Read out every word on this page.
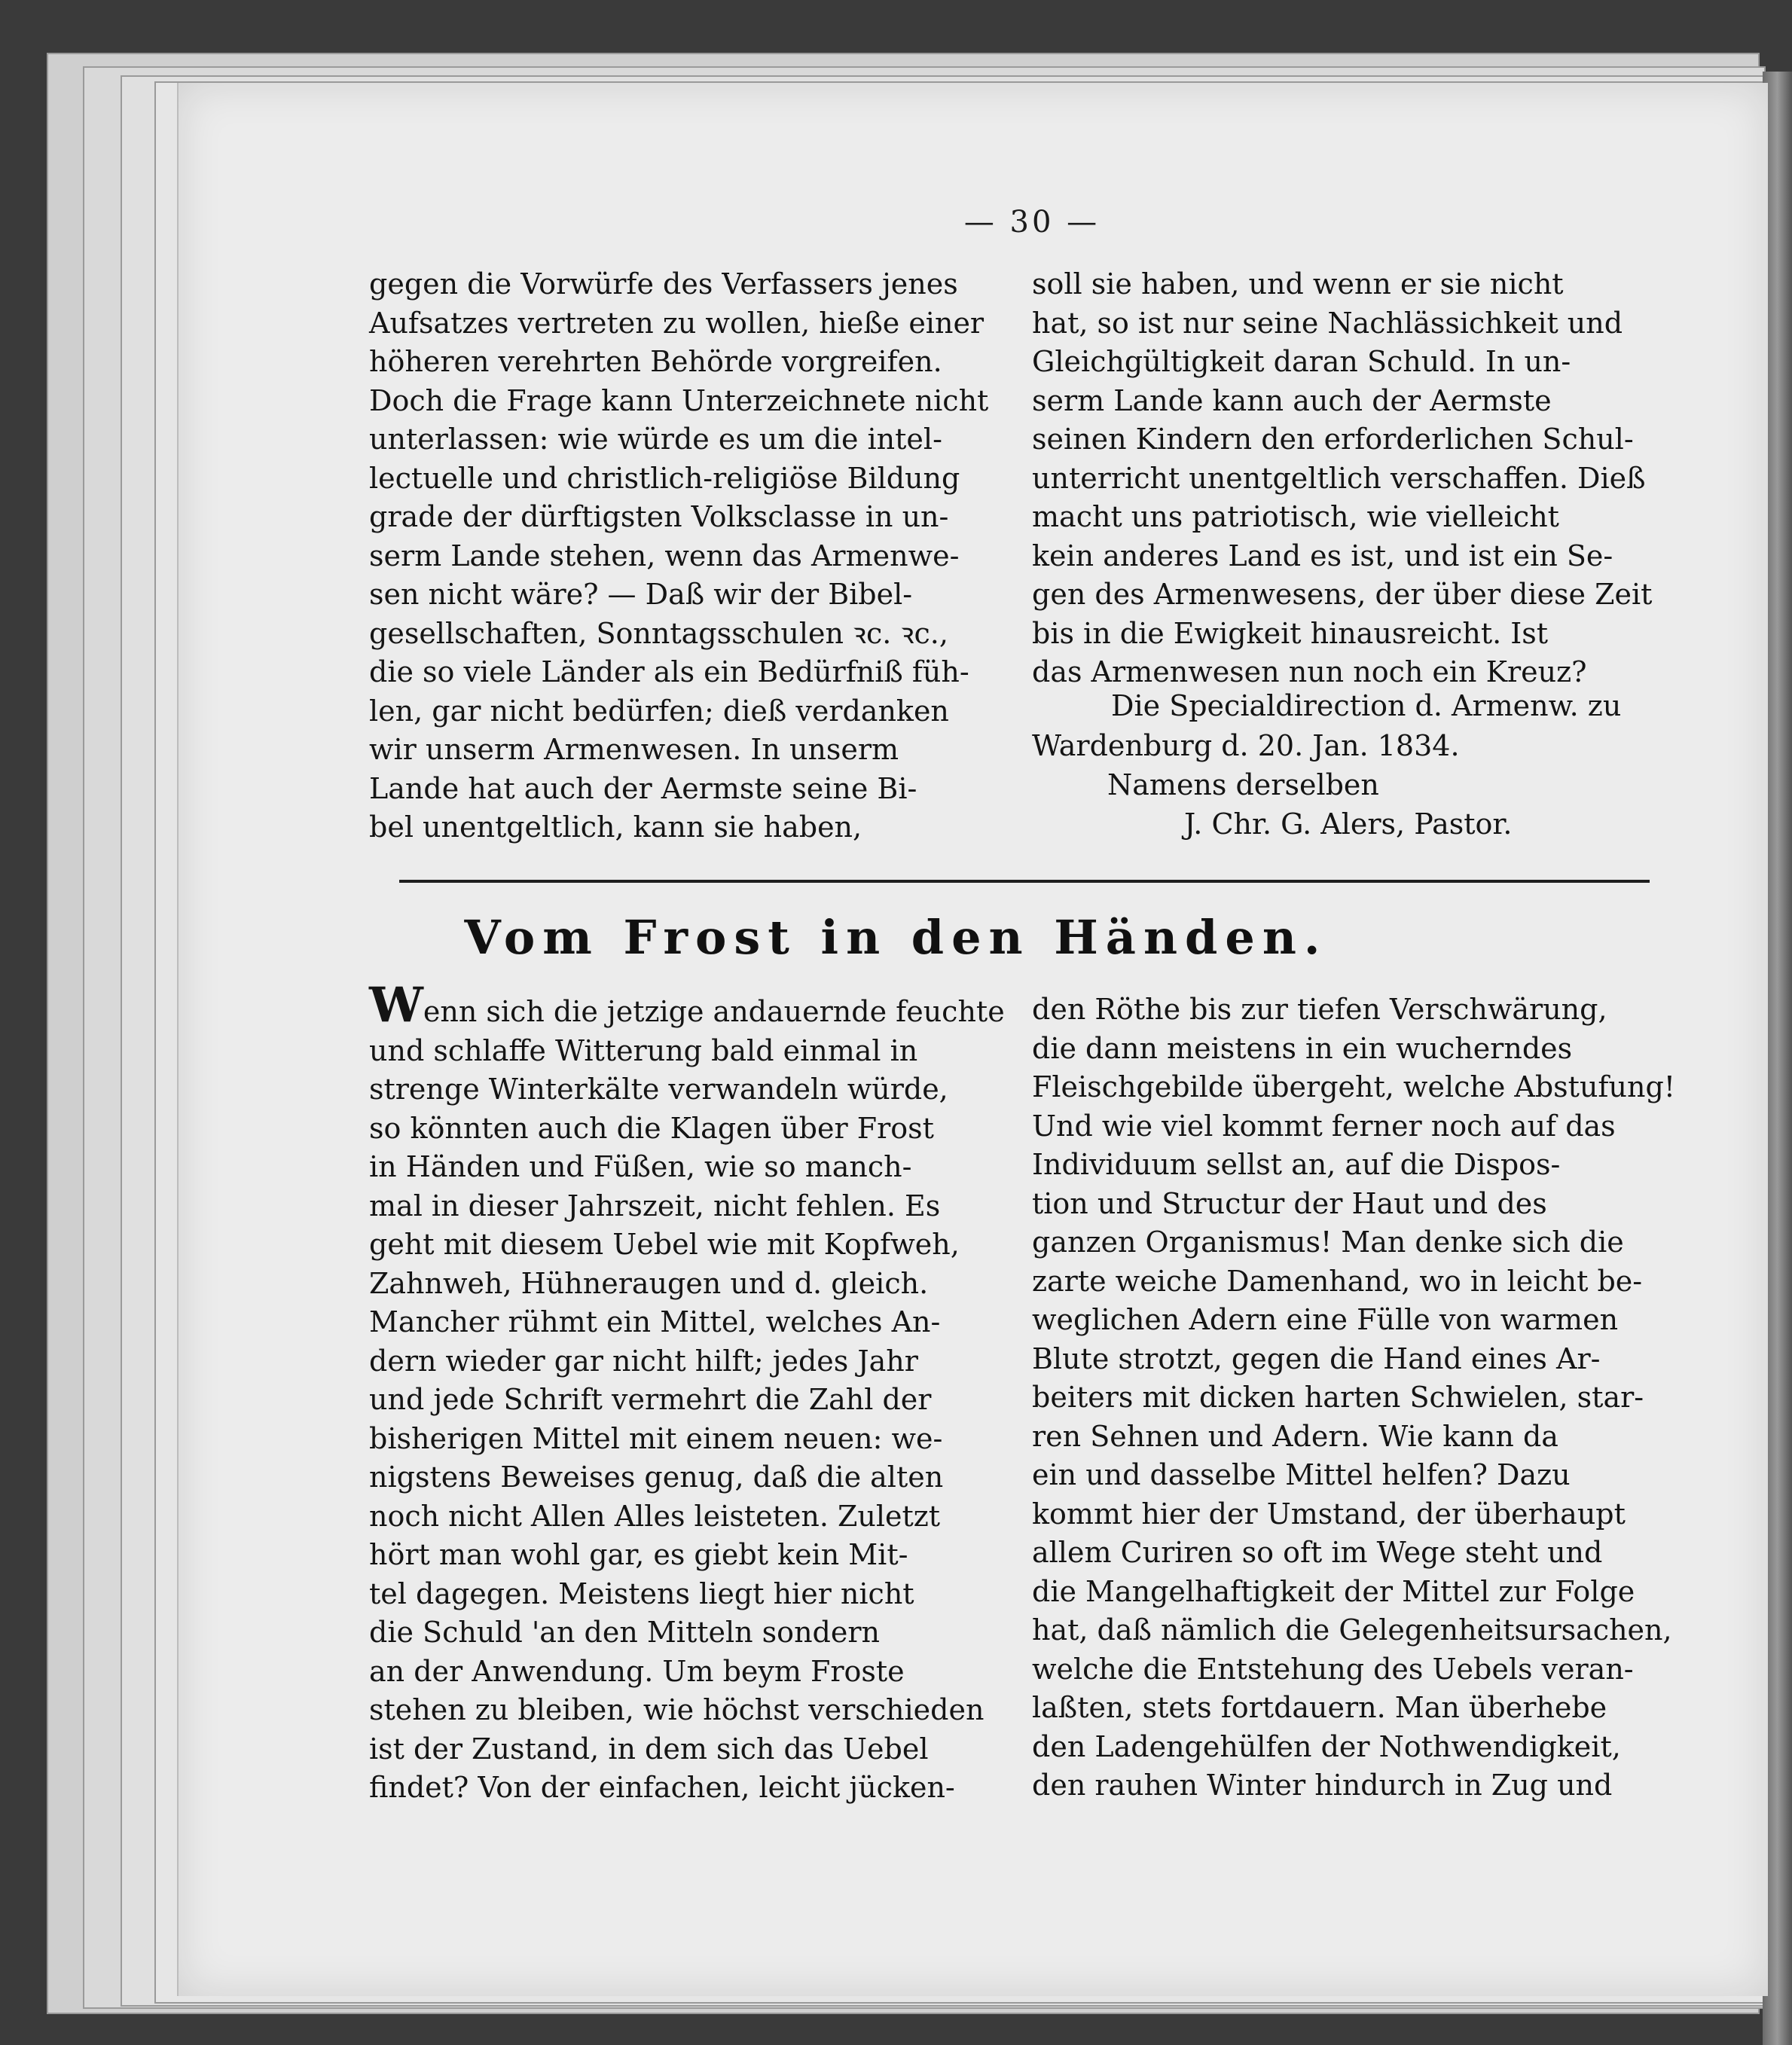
— 30 —
gegen die Vorwürfe des Verfassers jenes
Aufsatzes vertreten zu wollen, hieße einer
höheren verehrten Behörde vorgreifen.
Doch die Frage kann Unterzeichnete nicht
unterlassen: wie würde es um die intel-
lectuelle und christlich-religiöse Bildung
grade der dürftigsten Volksclasse in un-
serm Lande stehen, wenn das Armenwe-
sen nicht wäre? — Daß wir der Bibel-
gesellschaften, Sonntagsschulen ꝛc. ꝛc.,
die so viele Länder als ein Bedürfniß füh-
len, gar nicht bedürfen; dieß verdanken
wir unserm Armenwesen. In unserm
Lande hat auch der Aermste seine Bi-
bel unentgeltlich, kann sie haben,
soll sie haben, und wenn er sie nicht
hat, so ist nur seine Nachlässichkeit und
Gleichgültigkeit daran Schuld. In un-
serm Lande kann auch der Aermste
seinen Kindern den erforderlichen Schul-
unterricht unentgeltlich verschaffen. Dieß
macht uns patriotisch, wie vielleicht
kein anderes Land es ist, und ist ein Se-
gen des Armenwesens, der über diese Zeit
bis in die Ewigkeit hinausreicht. Ist
das Armenwesen nun noch ein Kreuz?
Die Specialdirection d. Armenw. zu
Wardenburg d. 20. Jan. 1834.
Namens derselben
J. Chr. G. Alers, Pastor.
Vom Frost in den Händen.
Wenn sich die jetzige andauernde feuchte
und schlaffe Witterung bald einmal in
strenge Winterkälte verwandeln würde,
so könnten auch die Klagen über Frost
in Händen und Füßen, wie so manch-
mal in dieser Jahrszeit, nicht fehlen. Es
geht mit diesem Uebel wie mit Kopfweh,
Zahnweh, Hühneraugen und d. gleich.
Mancher rühmt ein Mittel, welches An-
dern wieder gar nicht hilft; jedes Jahr
und jede Schrift vermehrt die Zahl der
bisherigen Mittel mit einem neuen: we-
nigstens Beweises genug, daß die alten
noch nicht Allen Alles leisteten. Zuletzt
hört man wohl gar, es giebt kein Mit-
tel dagegen. Meistens liegt hier nicht
die Schuld 'an den Mitteln sondern
an der Anwendung. Um beym Froste
stehen zu bleiben, wie höchst verschieden
ist der Zustand, in dem sich das Uebel
findet? Von der einfachen, leicht jücken-
den Röthe bis zur tiefen Verschwärung,
die dann meistens in ein wucherndes
Fleischgebilde übergeht, welche Abstufung!
Und wie viel kommt ferner noch auf das
Individuum sellst an, auf die Dispos-
tion und Structur der Haut und des
ganzen Organismus! Man denke sich die
zarte weiche Damenhand, wo in leicht be-
weglichen Adern eine Fülle von warmen
Blute strotzt, gegen die Hand eines Ar-
beiters mit dicken harten Schwielen, star-
ren Sehnen und Adern. Wie kann da
ein und dasselbe Mittel helfen? Dazu
kommt hier der Umstand, der überhaupt
allem Curiren so oft im Wege steht und
die Mangelhaftigkeit der Mittel zur Folge
hat, daß nämlich die Gelegenheitsursachen,
welche die Entstehung des Uebels veran-
laßten, stets fortdauern. Man überhebe
den Ladengehülfen der Nothwendigkeit,
den rauhen Winter hindurch in Zug und
